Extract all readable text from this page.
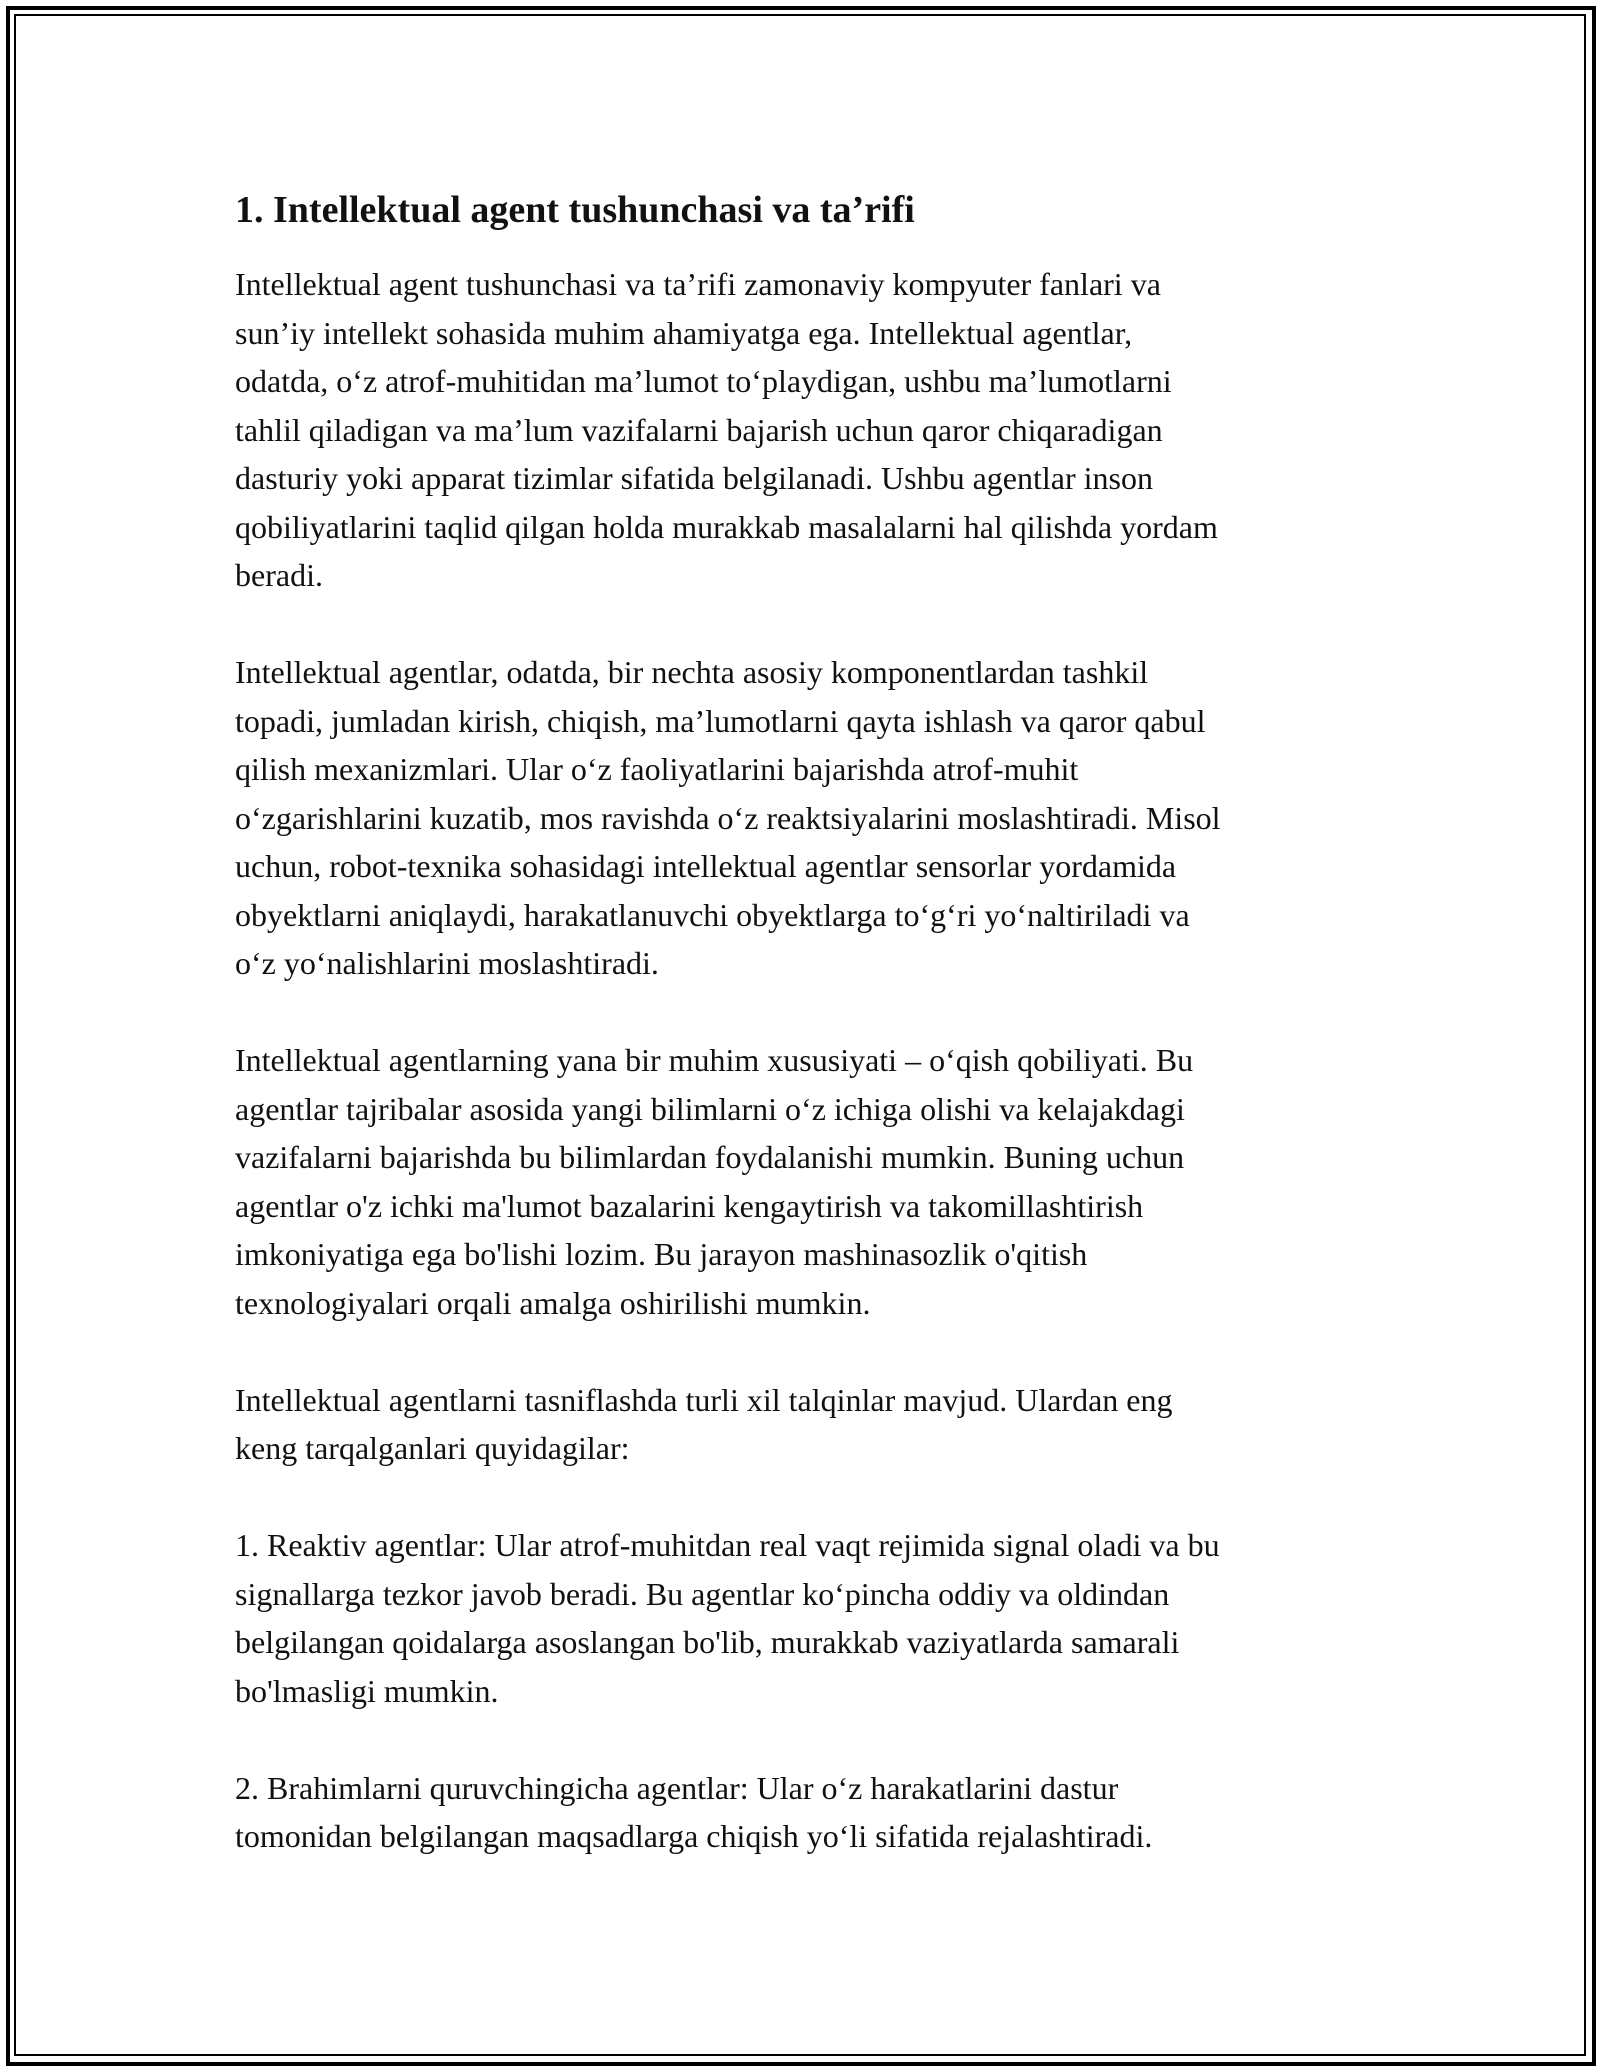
1. Intellektual agent tushunchasi va ta’rifi

Intellektual agent tushunchasi va ta’rifi zamonaviy kompyuter fanlari va
sun’iy intellekt sohasida muhim ahamiyatga ega. Intellektual agentlar,
odatda, o‘z atrof-muhitidan ma’lumot to‘playdigan, ushbu ma’lumotlarni
tahlil qiladigan va ma’lum vazifalarni bajarish uchun qaror chiqaradigan
dasturiy yoki apparat tizimlar sifatida belgilanadi. Ushbu agentlar inson
qobiliyatlarini taqlid qilgan holda murakkab masalalarni hal qilishda yordam
beradi.

Intellektual agentlar, odatda, bir nechta asosiy komponentlardan tashkil
topadi, jumladan kirish, chiqish, ma’lumotlarni qayta ishlash va qaror qabul
qilish mexanizmlari. Ular o‘z faoliyatlarini bajarishda atrof-muhit
o‘zgarishlarini kuzatib, mos ravishda o‘z reaktsiyalarini moslashtiradi. Misol
uchun, robot-texnika sohasidagi intellektual agentlar sensorlar yordamida
obyektlarni aniqlaydi, harakatlanuvchi obyektlarga to‘g‘ri yo‘naltiriladi va
o‘z yo‘nalishlarini moslashtiradi.

Intellektual agentlarning yana bir muhim xususiyati – o‘qish qobiliyati. Bu
agentlar tajribalar asosida yangi bilimlarni o‘z ichiga olishi va kelajakdagi
vazifalarni bajarishda bu bilimlardan foydalanishi mumkin. Buning uchun
agentlar o'z ichki ma'lumot bazalarini kengaytirish va takomillashtirish
imkoniyatiga ega bo'lishi lozim. Bu jarayon mashinasozlik o'qitish
texnologiyalari orqali amalga oshirilishi mumkin.

Intellektual agentlarni tasniflashda turli xil talqinlar mavjud. Ulardan eng
keng tarqalganlari quyidagilar:

1. Reaktiv agentlar: Ular atrof-muhitdan real vaqt rejimida signal oladi va bu
signallarga tezkor javob beradi. Bu agentlar ko‘pincha oddiy va oldindan
belgilangan qoidalarga asoslangan bo'lib, murakkab vaziyatlarda samarali
bo'lmasligi mumkin.

2. Brahimlarni quruvchingicha agentlar: Ular o‘z harakatlarini dastur
tomonidan belgilangan maqsadlarga chiqish yo‘li sifatida rejalashtiradi.
